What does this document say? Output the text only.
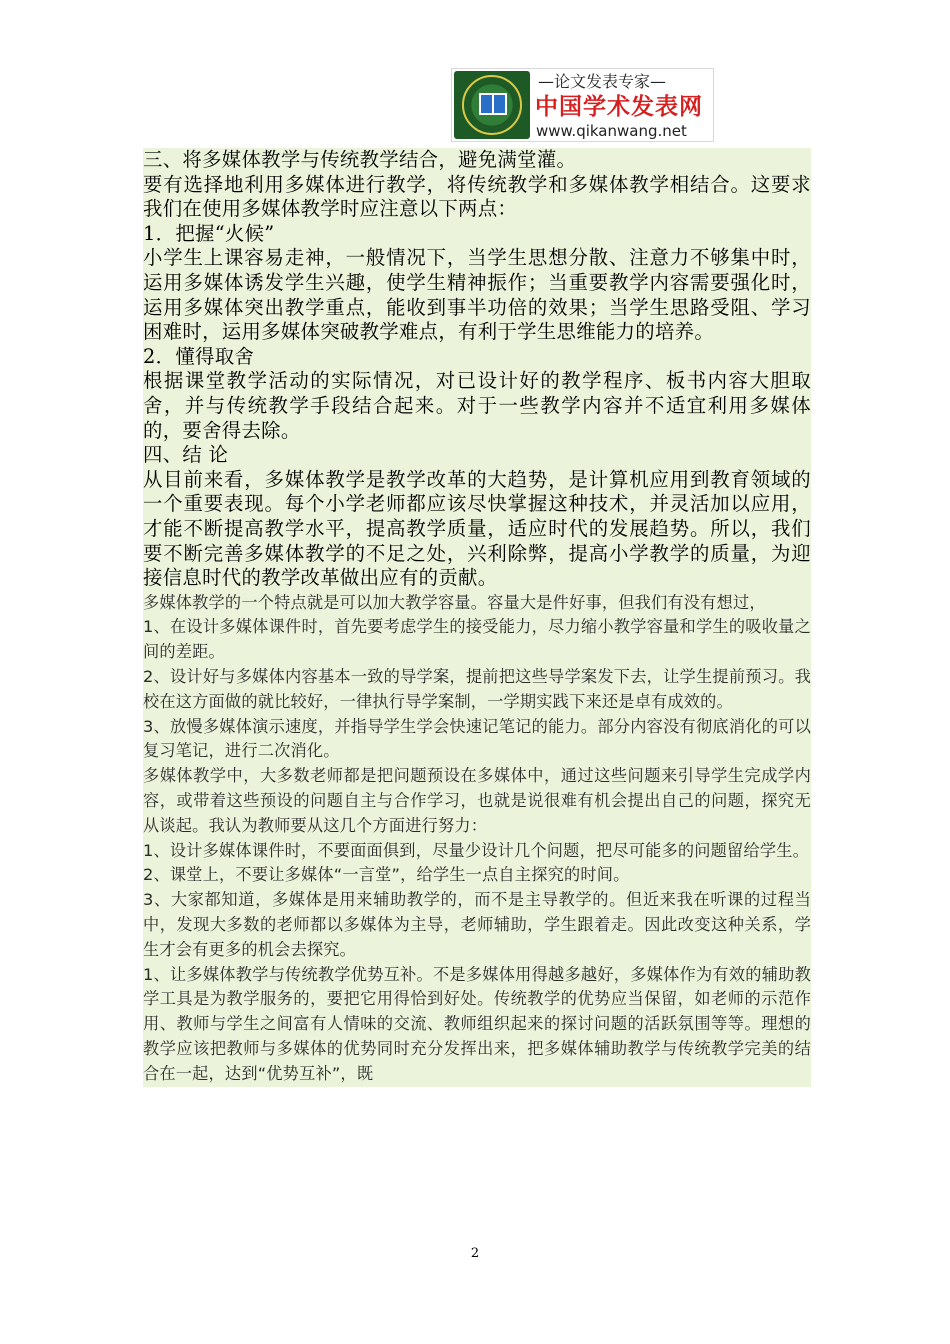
—论文发表专家—
中国学术发表网
www.qikanwang.net

三、将多媒体教学与传统教学结合，避免满堂灌。

要有选择地利用多媒体进行教学，将传统教学和多媒体教学相结合。这要求我们在使用多媒体教学时应注意以下两点：

1．把握“火候”

小学生上课容易走神，一般情况下，当学生思想分散、注意力不够集中时，运用多媒体诱发学生兴趣，使学生精神振作；当重要教学内容需要强化时，运用多媒体突出教学重点，能收到事半功倍的效果；当学生思路受阻、学习困难时，运用多媒体突破教学难点，有利于学生思维能力的培养。

2．懂得取舍

根据课堂教学活动的实际情况，对已设计好的教学程序、板书内容大胆取舍，并与传统教学手段结合起来。对于一些教学内容并不适宜利用多媒体的，要舍得去除。

四、结 论

从目前来看，多媒体教学是教学改革的大趋势，是计算机应用到教育领域的一个重要表现。每个小学老师都应该尽快掌握这种技术，并灵活加以应用，才能不断提高教学水平，提高教学质量，适应时代的发展趋势。所以，我们要不断完善多媒体教学的不足之处，兴利除弊，提高小学教学的质量，为迎接信息时代的教学改革做出应有的贡献。

多媒体教学的一个特点就是可以加大教学容量。容量大是件好事，但我们有没有想过，

1、在设计多媒体课件时，首先要考虑学生的接受能力，尽力缩小教学容量和学生的吸收量之间的差距。

2、设计好与多媒体内容基本一致的导学案，提前把这些导学案发下去，让学生提前预习。我校在这方面做的就比较好，一律执行导学案制，一学期实践下来还是卓有成效的。

3、放慢多媒体演示速度，并指导学生学会快速记笔记的能力。部分内容没有彻底消化的可以复习笔记，进行二次消化。

多媒体教学中，大多数老师都是把问题预设在多媒体中，通过这些问题来引导学生完成学内容，或带着这些预设的问题自主与合作学习，也就是说很难有机会提出自己的问题，探究无从谈起。我认为教师要从这几个方面进行努力：

1、设计多媒体课件时，不要面面俱到，尽量少设计几个问题，把尽可能多的问题留给学生。

2、课堂上，不要让多媒体“一言堂”，给学生一点自主探究的时间。

3、大家都知道，多媒体是用来辅助教学的，而不是主导教学的。但近来我在听课的过程当中，发现大多数的老师都以多媒体为主导，老师辅助，学生跟着走。因此改变这种关系，学生才会有更多的机会去探究。

1、让多媒体教学与传统教学优势互补。不是多媒体用得越多越好，多媒体作为有效的辅助教学工具是为教学服务的，要把它用得恰到好处。传统教学的优势应当保留，如老师的示范作用、教师与学生之间富有人情味的交流、教师组织起来的探讨问题的活跃氛围等等。理想的教学应该把教师与多媒体的优势同时充分发挥出来，把多媒体辅助教学与传统教学完美的结合在一起，达到“优势互补”，既

2
